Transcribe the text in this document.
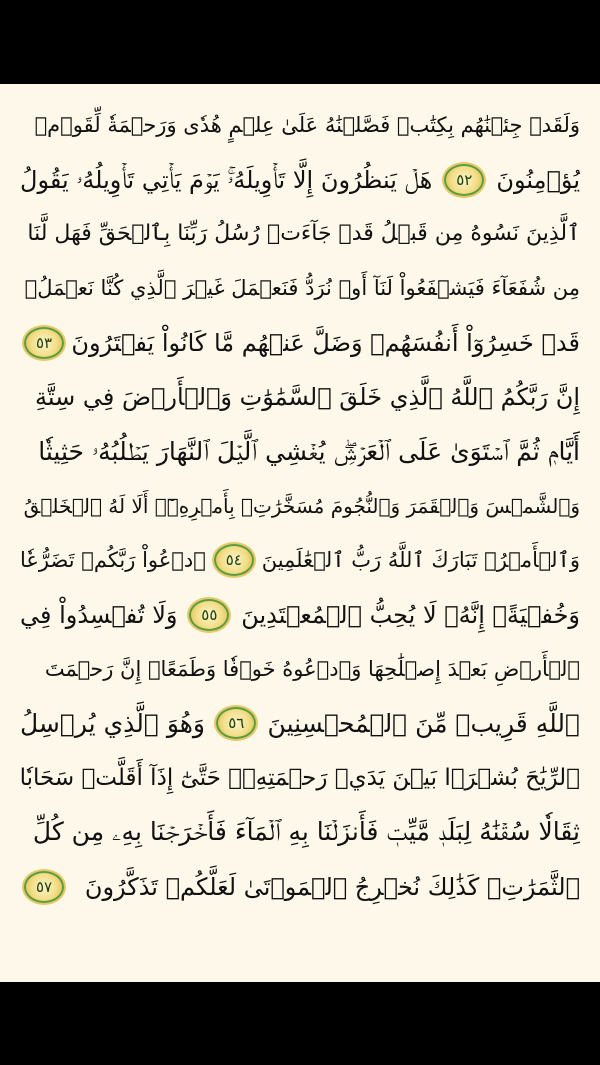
وَلَقَدۡ جِئۡنَٰهُم بِكِتَٰبٖ فَصَّلۡنَٰهُ عَلَىٰ عِلۡمٍ هُدٗى وَرَحۡمَةٗ لِّقَوۡمٖ
يُؤۡمِنُونَ
٥٢
هَلۡ يَنظُرُونَ إِلَّا تَأۡوِيلَهُۥۚ يَوۡمَ يَأۡتِي تَأۡوِيلُهُۥ يَقُولُ
ٱلَّذِينَ نَسُوهُ مِن قَبۡلُ قَدۡ جَآءَتۡ رُسُلُ رَبِّنَا بِٱلۡحَقِّ فَهَل لَّنَا
مِن شُفَعَآءَ فَيَشۡفَعُواْ لَنَآ أَوۡ نُرَدُّ فَنَعۡمَلَ غَيۡرَ ٱلَّذِي كُنَّا نَعۡمَلُۚ
قَدۡ خَسِرُوٓاْ أَنفُسَهُمۡ وَضَلَّ عَنۡهُم مَّا كَانُواْ يَفۡتَرُونَ
٥٣
إِنَّ رَبَّكُمُ ٱللَّهُ ٱلَّذِي خَلَقَ ٱلسَّمَٰوَٰتِ وَٱلۡأَرۡضَ فِي سِتَّةِ
أَيَّامٖ ثُمَّ ٱسۡتَوَىٰ عَلَى ٱلۡعَرۡشِۖ يُغۡشِي ٱلَّيۡلَ ٱلنَّهَارَ يَطۡلُبُهُۥ حَثِيثٗا
وَٱلشَّمۡسَ وَٱلۡقَمَرَ وَٱلنُّجُومَ مُسَخَّرَٰتِۭ بِأَمۡرِهِۦٓۗ أَلَا لَهُ ٱلۡخَلۡقُ
وَٱلۡأَمۡرُۗ تَبَارَكَ ٱللَّهُ رَبُّ ٱلۡعَٰلَمِينَ
٥٤
ٱدۡعُواْ رَبَّكُمۡ تَضَرُّعٗا
وَخُفۡيَةًۚ إِنَّهُۥ لَا يُحِبُّ ٱلۡمُعۡتَدِينَ
٥٥
وَلَا تُفۡسِدُواْ فِي
ٱلۡأَرۡضِ بَعۡدَ إِصۡلَٰحِهَا وَٱدۡعُوهُ خَوۡفٗا وَطَمَعًاۚ إِنَّ رَحۡمَتَ
ٱللَّهِ قَرِيبٞ مِّنَ ٱلۡمُحۡسِنِينَ
٥٦
وَهُوَ ٱلَّذِي يُرۡسِلُ
ٱلرِّيَٰحَ بُشۡرَۢا بَيۡنَ يَدَيۡ رَحۡمَتِهِۦۖ حَتَّىٰٓ إِذَآ أَقَلَّتۡ سَحَابٗا
ثِقَالٗا سُقۡنَٰهُ لِبَلَدٖ مَّيِّتٖ فَأَنزَلۡنَا بِهِ ٱلۡمَآءَ فَأَخۡرَجۡنَا بِهِۦ مِن كُلِّ
ٱلثَّمَرَٰتِۚ كَذَٰلِكَ نُخۡرِجُ ٱلۡمَوۡتَىٰ لَعَلَّكُمۡ تَذَكَّرُونَ
٥٧
